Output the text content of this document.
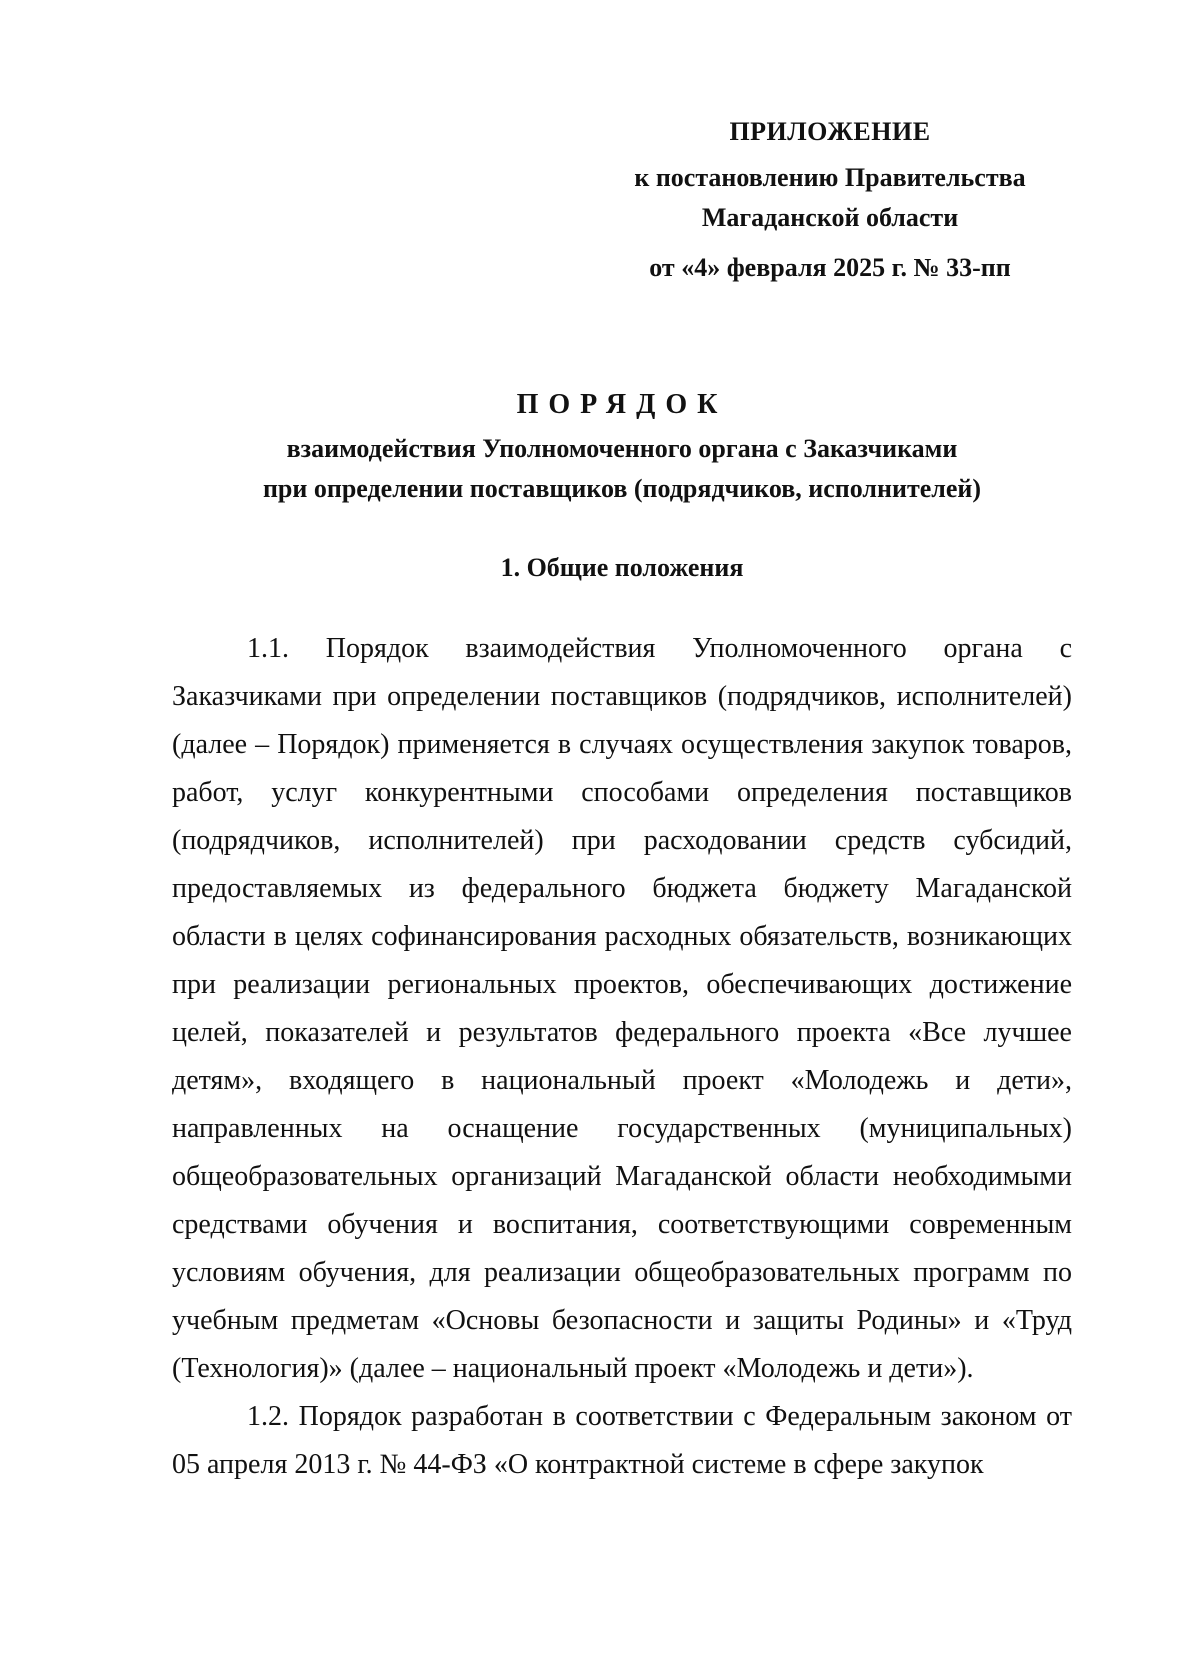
ПРИЛОЖЕНИЕ
к постановлению Правительства
Магаданской области
от «4» февраля 2025 г. № 33-пп
ПОРЯДОК
взаимодействия Уполномоченного органа с Заказчиками
при определении поставщиков (подрядчиков, исполнителей)
1. Общие положения

1.1. Порядок взаимодействия Уполномоченного органа с Заказчиками при определении поставщиков (подрядчиков, исполнителей) (далее – Порядок) применяется в случаях осуществления закупок товаров, работ, услуг конкурентными способами определения поставщиков (подрядчиков, исполнителей) при расходовании средств субсидий, предоставляемых из федерального бюджета бюджету Магаданской области в целях софинансирования расходных обязательств, возникающих при реализации региональных проектов, обеспечивающих достижение целей, показателей и результатов федерального проекта «Все лучшее детям», входящего в национальный проект «Молодежь и дети», направленных на оснащение государственных (муниципальных) общеобразовательных организаций Магаданской области необходимыми средствами обучения и воспитания, соответствующими современным условиям обучения, для реализации общеобразовательных программ по учебным предметам «Основы безопасности и защиты Родины» и «Труд (Технология)» (далее – национальный проект «Молодежь и дети»).

1.2. Порядок разработан в соответствии с Федеральным законом от 05 апреля 2013 г. № 44-ФЗ «О контрактной системе в сфере закупок
